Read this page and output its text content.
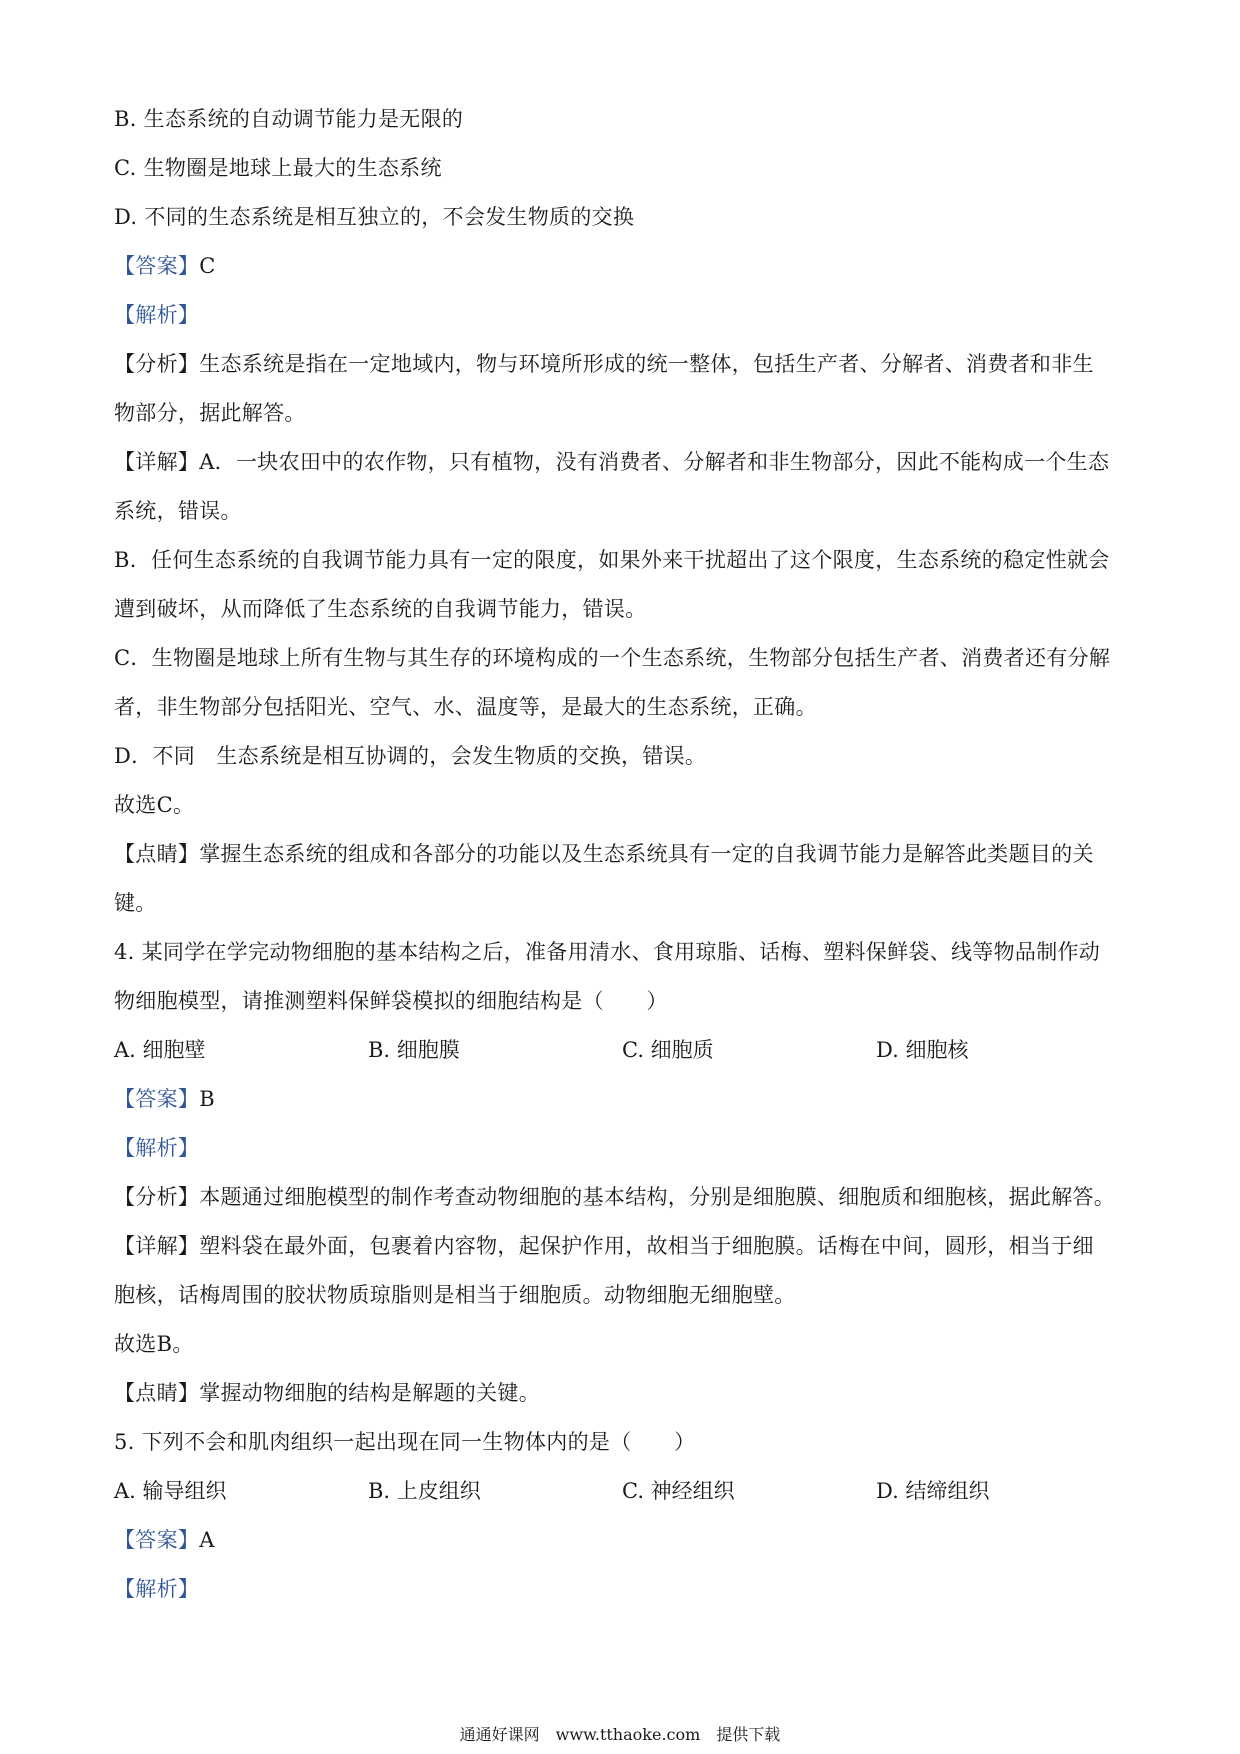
B. 生态系统的自动调节能力是无限的
C. 生物圈是地球上最大的生态系统
D. 不同的生态系统是相互独立的，不会发生物质的交换
【答案】C
【解析】
【分析】生态系统是指在一定地域内，物与环境所形成的统一整体，包括生产者、分解者、消费者和非生
物部分，据此解答。
【详解】A．一块农田中的农作物，只有植物，没有消费者、分解者和非生物部分，因此不能构成一个生态
系统，错误。
B．任何生态系统的自我调节能力具有一定的限度，如果外来干扰超出了这个限度，生态系统的稳定性就会
遭到破坏，从而降低了生态系统的自我调节能力，错误。
C．生物圈是地球上所有生物与其生存的环境构成的一个生态系统，生物部分包括生产者、消费者还有分解
者，非生物部分包括阳光、空气、水、温度等，是最大的生态系统，正确。
D．不同　生态系统是相互协调的，会发生物质的交换，错误。
故选C。
【点睛】掌握生态系统的组成和各部分的功能以及生态系统具有一定的自我调节能力是解答此类题目的关
键。
4. 某同学在学完动物细胞的基本结构之后，准备用清水、食用琼脂、话梅、塑料保鲜袋、线等物品制作动
物细胞模型，请推测塑料保鲜袋模拟的细胞结构是（　　）
A. 细胞壁	B. 细胞膜	C. 细胞质	D. 细胞核
【答案】B
【解析】
【分析】本题通过细胞模型的制作考查动物细胞的基本结构，分别是细胞膜、细胞质和细胞核，据此解答。
【详解】塑料袋在最外面，包裹着内容物，起保护作用，故相当于细胞膜。话梅在中间，圆形，相当于细
胞核，话梅周围的胶状物质琼脂则是相当于细胞质。动物细胞无细胞壁。
故选B。
【点睛】掌握动物细胞的结构是解题的关键。
5. 下列不会和肌肉组织一起出现在同一生物体内的是（　　）
A. 输导组织	B. 上皮组织	C. 神经组织	D. 结缔组织
【答案】A
【解析】
通通好课网　www.tthaoke.com　提供下载
